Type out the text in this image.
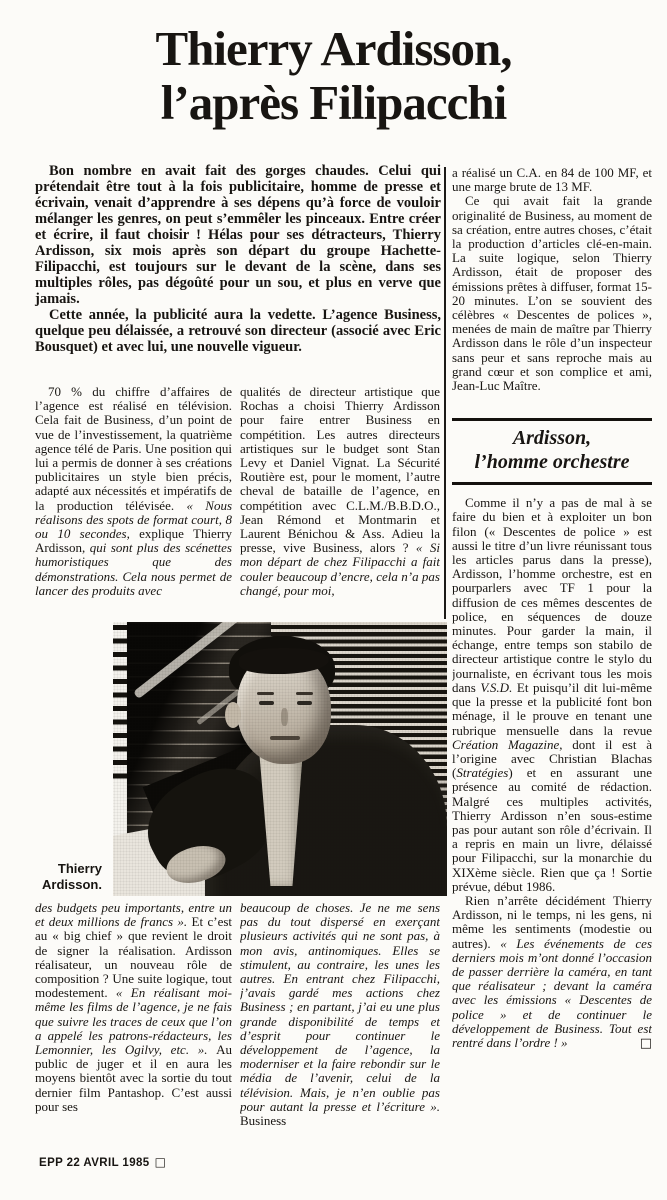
Thierry Ardisson,
l’après Filipacchi

Bon nombre en avait fait des gorges chaudes. Celui qui prétendait être tout à la fois publicitaire, homme de presse et écrivain, venait d’apprendre à ses dépens qu’à force de vouloir mélanger les genres, on peut s’emmêler les pinceaux. Entre créer et écrire, il faut choisir ! Hélas pour ses détracteurs, Thierry Ardisson, six mois après son départ du groupe Hachette-Filipacchi, est toujours sur le devant de la scène, dans ses multiples rôles, pas dégoûté pour un sou, et plus en verve que jamais.

Cette année, la publicité aura la vedette. L’agence Business, quelque peu délaissée, a retrouvé son directeur (associé avec Eric Bousquet) et avec lui, une nouvelle vigueur.

70 % du chiffre d’affaires de l’agence est réalisé en télévision. Cela fait de Business, d’un point de vue de l’investissement, la quatrième agence télé de Paris. Une position qui lui a permis de donner à ses créations publicitaires un style bien précis, adapté aux nécessités et impératifs de la production télévisée. « Nous réalisons des spots de format court, 8 ou 10 secondes, explique Thierry Ardisson, qui sont plus des scénettes humoristiques que des démonstrations. Cela nous permet de lancer des produits avec

qualités de directeur artistique que Rochas a choisi Thierry Ardisson pour faire entrer Business en compétition. Les autres directeurs artistiques sur le budget sont Stan Levy et Daniel Vignat. La Sécurité Routière est, pour le moment, l’autre cheval de bataille de l’agence, en compétition avec C.L.M./B.B.D.O., Jean Rémond et Montmarin et Laurent Bénichou & Ass. Adieu la presse, vive Business, alors ? « Si mon départ de chez Filipacchi a fait couler beaucoup d’encre, cela n’a pas changé, pour moi,

Thierry
Ardisson.

des budgets peu importants, entre un et deux millions de francs ». Et c’est au « big chief » que revient le droit de signer la réalisation. Ardisson réalisateur, un nouveau rôle de composition ? Une suite logique, tout modestement. « En réalisant moi-même les films de l’agence, je ne fais que suivre les traces de ceux que l’on a appelé les patrons-rédacteurs, les Lemonnier, les Ogilvy, etc. ». Au public de juger et il en aura les moyens bientôt avec la sortie du tout dernier film Pantashop. C’est aussi pour ses

beaucoup de choses. Je ne me sens pas du tout dispersé en exerçant plusieurs activités qui ne sont pas, à mon avis, antinomiques. Elles se stimulent, au contraire, les unes les autres. En entrant chez Filipacchi, j’avais gardé mes actions chez Business ; en partant, j’ai eu une plus grande disponibilité de temps et d’esprit pour continuer le développement de l’agence, la moderniser et la faire rebondir sur le média de l’avenir, celui de la télévision. Mais, je n’en oublie pas pour autant la presse et l’écriture ». Business

a réalisé un C.A. en 84 de 100 MF, et une marge brute de 13 MF.

Ce qui avait fait la grande originalité de Business, au moment de sa création, entre autres choses, c’était la production d’articles clé-en-main. La suite logique, selon Thierry Ardisson, était de proposer des émissions prêtes à diffuser, format 15-20 minutes. L’on se souvient des célèbres « Descentes de polices », menées de main de maître par Thierry Ardisson dans le rôle d’un inspecteur sans peur et sans reproche mais au grand cœur et son complice et ami, Jean-Luc Maître.

Ardisson,
l’homme orchestre

Comme il n’y a pas de mal à se faire du bien et à exploiter un bon filon (« Descentes de police » est aussi le titre d’un livre réunissant tous les articles parus dans la presse), Ardisson, l’homme orchestre, est en pourparlers avec TF 1 pour la diffusion de ces mêmes descentes de police, en séquences de douze minutes. Pour garder la main, il échange, entre temps son stabilo de directeur artistique contre le stylo du journaliste, en écrivant tous les mois dans V.S.D. Et puisqu’il dit lui-même que la presse et la publicité font bon ménage, il le prouve en tenant une rubrique mensuelle dans la revue Création Magazine, dont il est à l’origine avec Christian Blachas (Stratégies) et en assurant une présence au comité de rédaction. Malgré ces multiples activités, Thierry Ardisson n’en sous-estime pas pour autant son rôle d’écrivain. Il a repris en main un livre, délaissé pour Filipacchi, sur la monarchie du XIXème siècle. Rien que ça ! Sortie prévue, début 1986.

□
Rien n’arrête décidément Thierry Ardisson, ni le temps, ni les gens, ni même les sentiments (modestie ou autres). « Les événements de ces derniers mois m’ont donné l’occasion de passer derrière la caméra, en tant que réalisateur ; devant la caméra avec les émissions « Descentes de police » et de continuer le développement de Business. Tout est rentré dans l’ordre ! »

EPP 22 AVRIL 1985 □
